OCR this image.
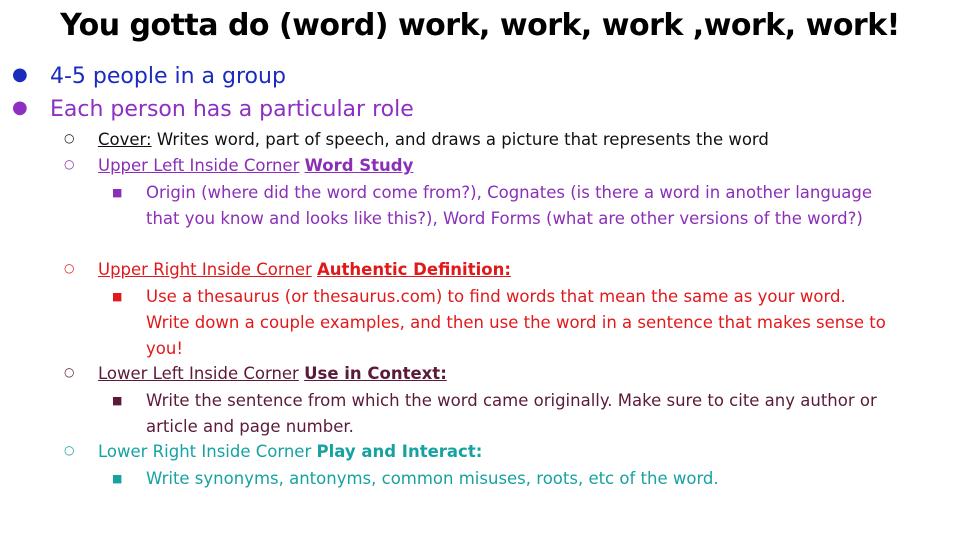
You gotta do (word) work, work, work ,work, work!
● 4-5 people in a group
● Each person has a particular role
○ Cover: Writes word, part of speech, and draws a picture that represents the word
○ Upper Left Inside Corner Word Study
■ Origin (where did the word come from?), Cognates (is there a word in another language that you know and looks like this?), Word Forms (what are other versions of the word?)
○ Upper Right Inside Corner Authentic Definition:
■ Use a thesaurus (or thesaurus.com) to find words that mean the same as your word. Write down a couple examples, and then use the word in a sentence that makes sense to you!
○ Lower Left Inside Corner Use in Context:
■ Write the sentence from which the word came originally. Make sure to cite any author or article and page number.
○ Lower Right Inside Corner Play and Interact:
■ Write synonyms, antonyms, common misuses, roots, etc of the word.
